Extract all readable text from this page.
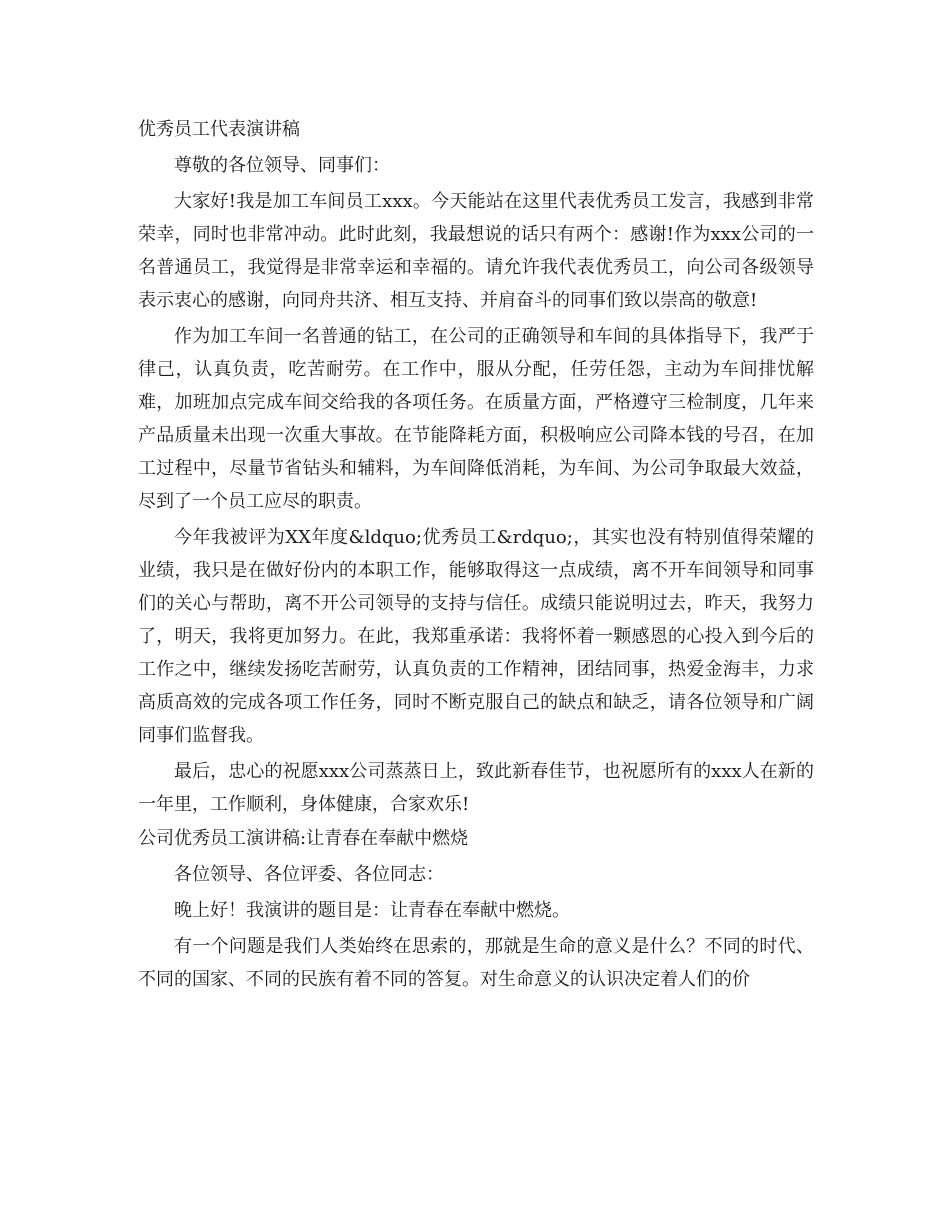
优秀员工代表演讲稿

尊敬的各位领导、同事们：

大家好!我是加工车间员工xxx。今天能站在这里代表优秀员工发言，我感到非常荣幸，同时也非常冲动。此时此刻，我最想说的话只有两个：感谢!作为xxx公司的一名普通员工，我觉得是非常幸运和幸福的。请允许我代表优秀员工，向公司各级领导表示衷心的感谢，向同舟共济、相互支持、并肩奋斗的同事们致以崇高的敬意!

作为加工车间一名普通的钻工，在公司的正确领导和车间的具体指导下，我严于律己，认真负责，吃苦耐劳。在工作中，服从分配，任劳任怨，主动为车间排忧解难，加班加点完成车间交给我的各项任务。在质量方面，严格遵守三检制度，几年来产品质量未出现一次重大事故。在节能降耗方面，积极响应公司降本钱的号召，在加工过程中，尽量节省钻头和辅料，为车间降低消耗，为车间、为公司争取最大效益，尽到了一个员工应尽的职责。

今年我被评为XX年度&ldquo;优秀员工&rdquo;，其实也没有特别值得荣耀的业绩，我只是在做好份内的本职工作，能够取得这一点成绩，离不开车间领导和同事们的关心与帮助，离不开公司领导的支持与信任。成绩只能说明过去，昨天，我努力了，明天，我将更加努力。在此，我郑重承诺：我将怀着一颗感恩的心投入到今后的工作之中，继续发扬吃苦耐劳，认真负责的工作精神，团结同事，热爱金海丰，力求高质高效的完成各项工作任务，同时不断克服自己的缺点和缺乏，请各位领导和广阔同事们监督我。

最后，忠心的祝愿xxx公司蒸蒸日上，致此新春佳节，也祝愿所有的xxx人在新的一年里，工作顺利，身体健康，合家欢乐!

公司优秀员工演讲稿:让青春在奉献中燃烧

各位领导、各位评委、各位同志：

晚上好！我演讲的题目是：让青春在奉献中燃烧。

有一个问题是我们人类始终在思索的，那就是生命的意义是什么？不同的时代、不同的国家、不同的民族有着不同的答复。对生命意义的认识决定着人们的价
